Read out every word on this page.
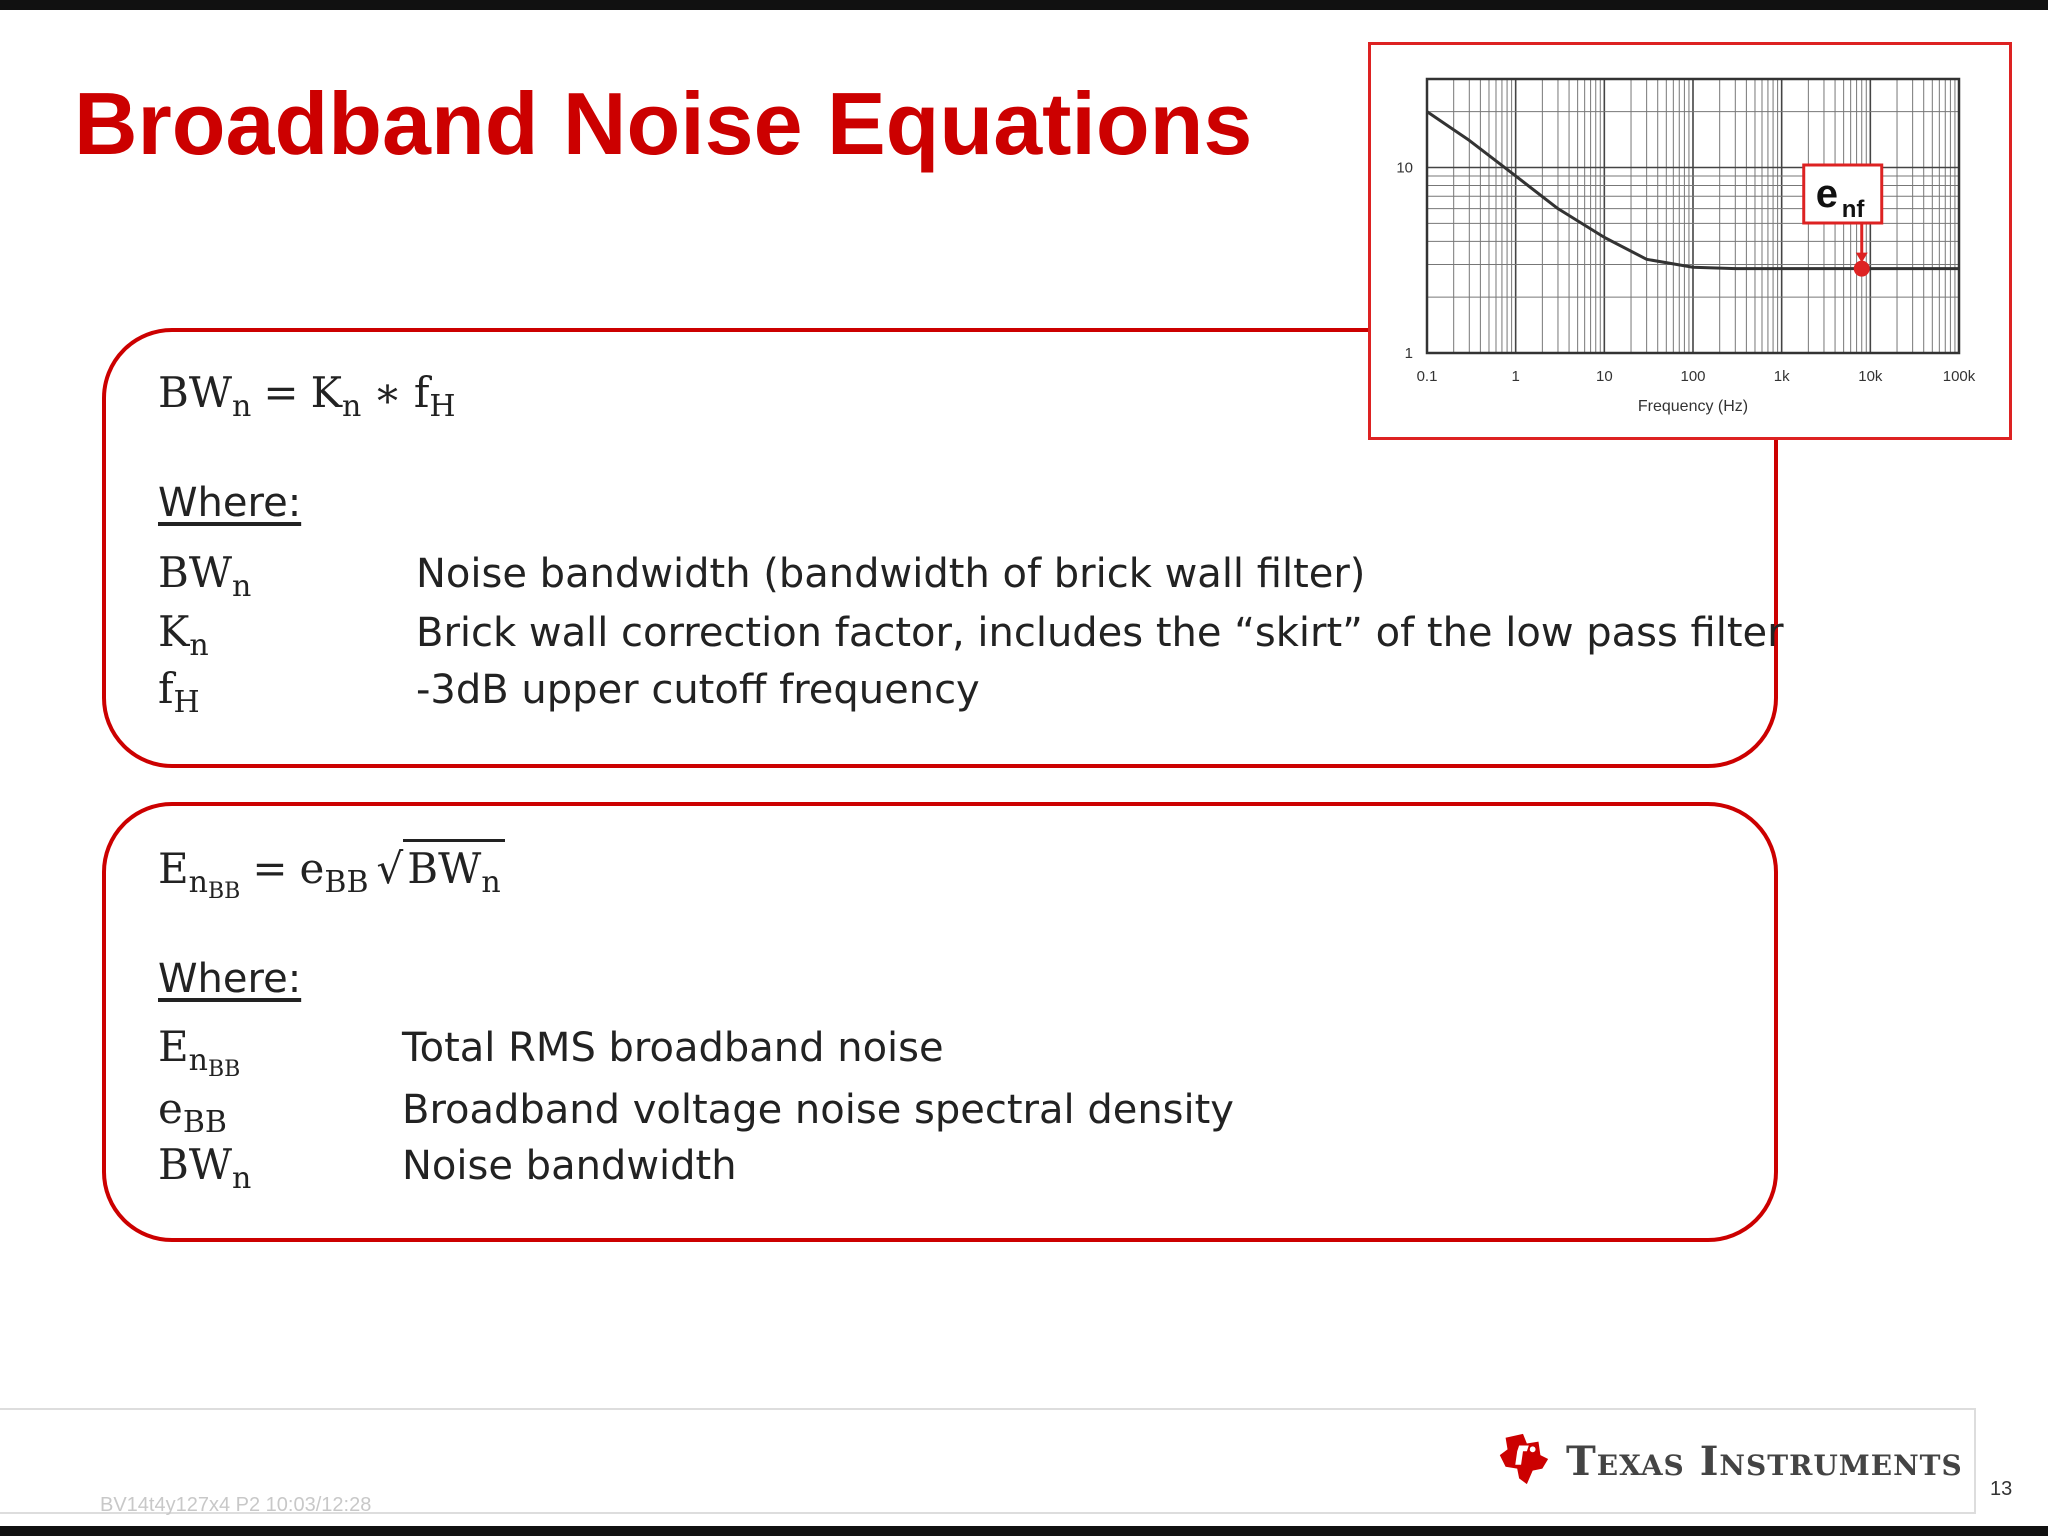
Broadband Noise Equations
$BW_n = K_n$ ∗ $f_H$

Where:

$BW_n$	Noise bandwidth (bandwidth of brick wall filter)
$K_n$	Brick wall correction factor, includes the “skirt” of the low pass filter
$f_H$	-3dB upper cutoff frequency
$E_{n_{BB}} = e_{BB}$ $√BW_n$

Where:

$E_{n_{BB}}$	Total RMS broadband noise
$e_{BB}$	Broadband voltage noise spectral density
$BW_n$	Noise bandwidth
0.1	1	10	100	1k	10k	100k
1
10
Frequency (Hz)
e nf
Texas Instruments
13
BV14t4y127x4 P2 10:03/12:28
